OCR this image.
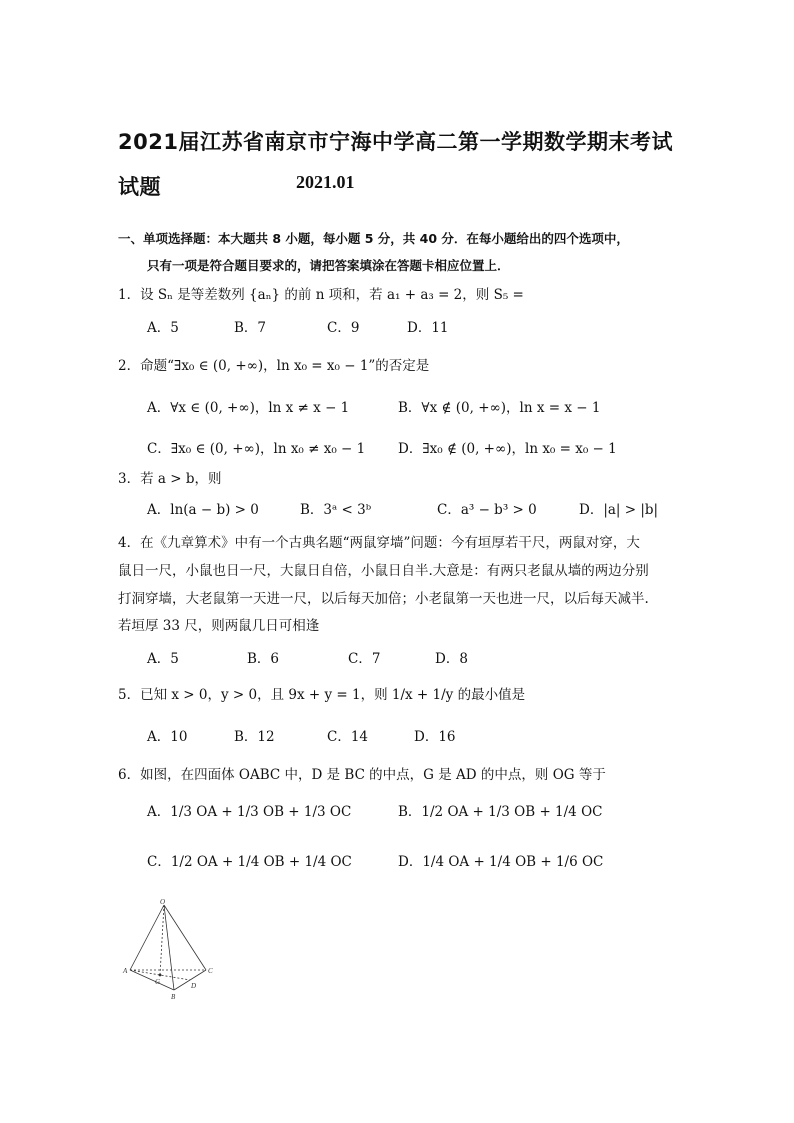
2021届江苏省南京市宁海中学高二第一学期数学期末考试
试题	2021.01
一、单项选择题：本大题共 8 小题，每小题 5 分，共 40 分．在每小题给出的四个选项中，
只有一项是符合题目要求的，请把答案填涂在答题卡相应位置上．
1．设 Sₙ 是等差数列 {aₙ} 的前 n 项和，若 a₁ + a₃ = 2，则 S₅ =
A．5	B．7	C．9	D．11
2．命题“∃x₀ ∈ (0, +∞)，ln x₀ = x₀ − 1”的否定是
A．∀x ∈ (0, +∞)，ln x ≠ x − 1	B．∀x ∉ (0, +∞)，ln x = x − 1
C．∃x₀ ∈ (0, +∞)，ln x₀ ≠ x₀ − 1 D．∃x₀ ∉ (0, +∞)，ln x₀ = x₀ − 1
3．若 a > b，则
A．ln(a − b) > 0	B．3ᵃ < 3ᵇ	C．a³ − b³ > 0	D．|a| > |b|
4．在《九章算术》中有一个古典名题“两鼠穿墙”问题：今有垣厚若干尺，两鼠对穿，大
鼠日一尺，小鼠也日一尺，大鼠日自倍，小鼠日自半.大意是：有两只老鼠从墙的两边分别
打洞穿墙，大老鼠第一天进一尺，以后每天加倍；小老鼠第一天也进一尺，以后每天减半.
若垣厚 33 尺，则两鼠几日可相逢
A．5	B．6	C．7	D．8
5．已知 x > 0，y > 0，且 9x + y = 1，则 1/x + 1/y 的最小值是
A．10	B．12	C．14	D．16
6．如图，在四面体 OABC 中，D 是 BC 的中点，G 是 AD 的中点，则 OG 等于
A．1/3 OA + 1/3 OB + 1/3 OC	B．1/2 OA + 1/3 OB + 1/4 OC
C．1/2 OA + 1/4 OB + 1/4 OC	D．1/4 OA + 1/4 OB + 1/6 OC
O
A
B
C
D
G
